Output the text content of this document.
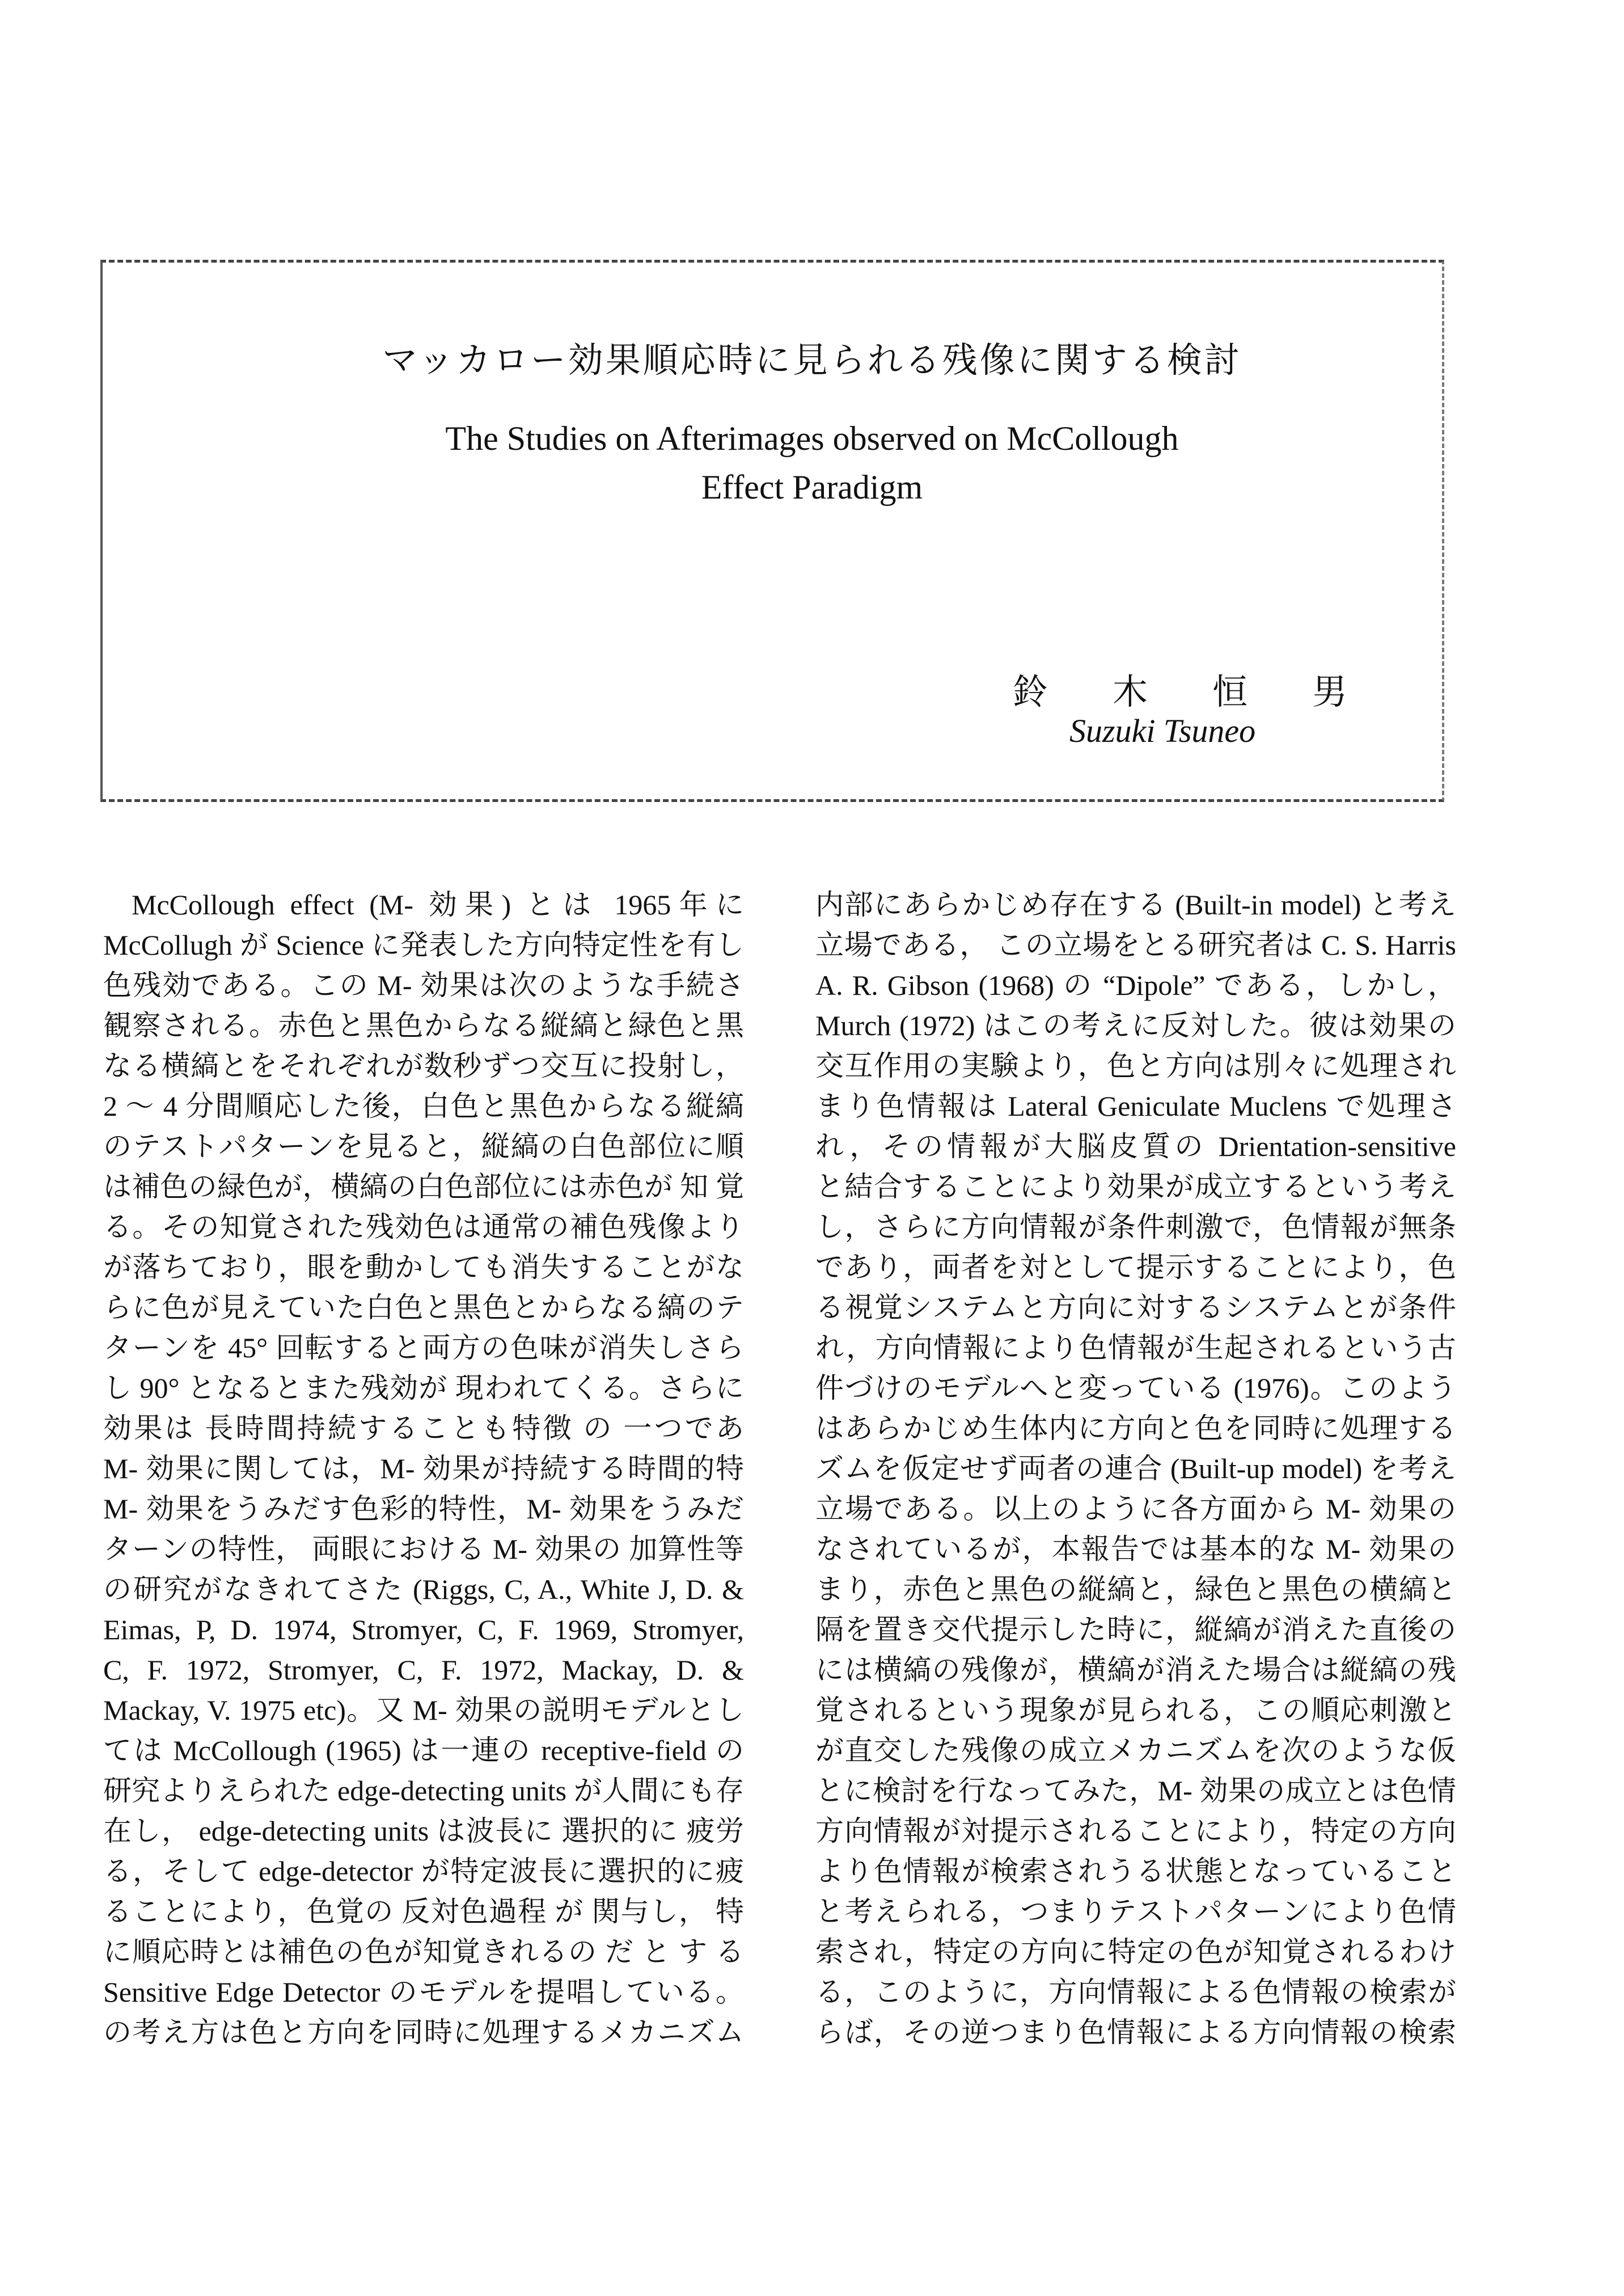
マッカロー効果順応時に見られる残像に関する検討
The Studies on Afterimages observed on McCollough
Effect Paradigm
鈴 木 恒 男
Suzuki Tsuneo
McCollough effect (M- 効果) とは 1965年に
McCollugh が Science に発表した方向特定性を有し
色残効である。この M- 効果は次のような手続さ
観察される。赤色と黒色からなる縦縞と緑色と黒
なる横縞とをそれぞれが数秒ずつ交互に投射し，
2 〜 4 分間順応した後，白色と黒色からなる縦縞
のテストパターンを見ると，縦縞の白色部位に順
は補色の緑色が，横縞の白色部位には赤色が 知 覚
る。その知覚された残効色は通常の補色残像より
が落ちており，眼を動かしても消失することがな
らに色が見えていた白色と黒色とからなる縞のテ
ターンを 45° 回転すると両方の色味が消失しさら
し 90° となるとまた残効が 現われてくる。さらに
効果は 長時間持続することも特徴 の 一つであ
M- 効果に関しては，M- 効果が持続する時間的特
M- 効果をうみだす色彩的特性，M- 効果をうみだ
ターンの特性， 両眼における M- 効果の 加算性等
の研究がなきれてさた (Riggs, C, A., White J, D. &
Eimas, P, D. 1974, Stromyer, C, F. 1969, Stromyer,
C, F. 1972, Stromyer, C, F. 1972, Mackay, D. &
Mackay, V. 1975 etc)。又 M- 効果の説明モデルとし
ては McCollough (1965) は一連の receptive-field の
研究よりえられた edge-detecting units が人間にも存
在し， edge-detecting units は波長に 選択的に 疲労
る，そして edge-detector が特定波長に選択的に疲
ることにより，色覚の 反対色過程 が 関与し， 特
に順応時とは補色の色が知覚きれるの だ と す る
Sensitive Edge Detector のモデルを提唱している。
の考え方は色と方向を同時に処理するメカニズム
内部にあらかじめ存在する (Built-in model) と考え
立場である， この立場をとる研究者は C. S. Harris
A. R. Gibson (1968) の “Dipole” である，しかし，
Murch (1972) はこの考えに反対した。彼は効果の
交互作用の実験より，色と方向は別々に処理され
まり色情報は Lateral Geniculate Muclens で処理さ
れ，その情報が大脳皮質の Drientation-sensitive
と結合することにより効果が成立するという考え
し，さらに方向情報が条件刺激で，色情報が無条
であり，両者を対として提示することにより，色
る視覚システムと方向に対するシステムとが条件
れ，方向情報により色情報が生起されるという古
件づけのモデルへと変っている (1976)。このよう
はあらかじめ生体内に方向と色を同時に処理する
ズムを仮定せず両者の連合 (Built-up model) を考え
立場である。以上のように各方面から M- 効果の
なされているが，本報告では基本的な M- 効果の
まり，赤色と黒色の縦縞と，緑色と黒色の横縞と
隔を置き交代提示した時に，縦縞が消えた直後の
には横縞の残像が，横縞が消えた場合は縦縞の残
覚されるという現象が見られる，この順応刺激と
が直交した残像の成立メカニズムを次のような仮
とに検討を行なってみた，M- 効果の成立とは色情
方向情報が対提示されることにより，特定の方向
より色情報が検索されうる状態となっていること
と考えられる，つまりテストパターンにより色情
索され，特定の方向に特定の色が知覚されるわけ
る，このように，方向情報による色情報の検索が
らば，その逆つまり色情報による方向情報の検索
